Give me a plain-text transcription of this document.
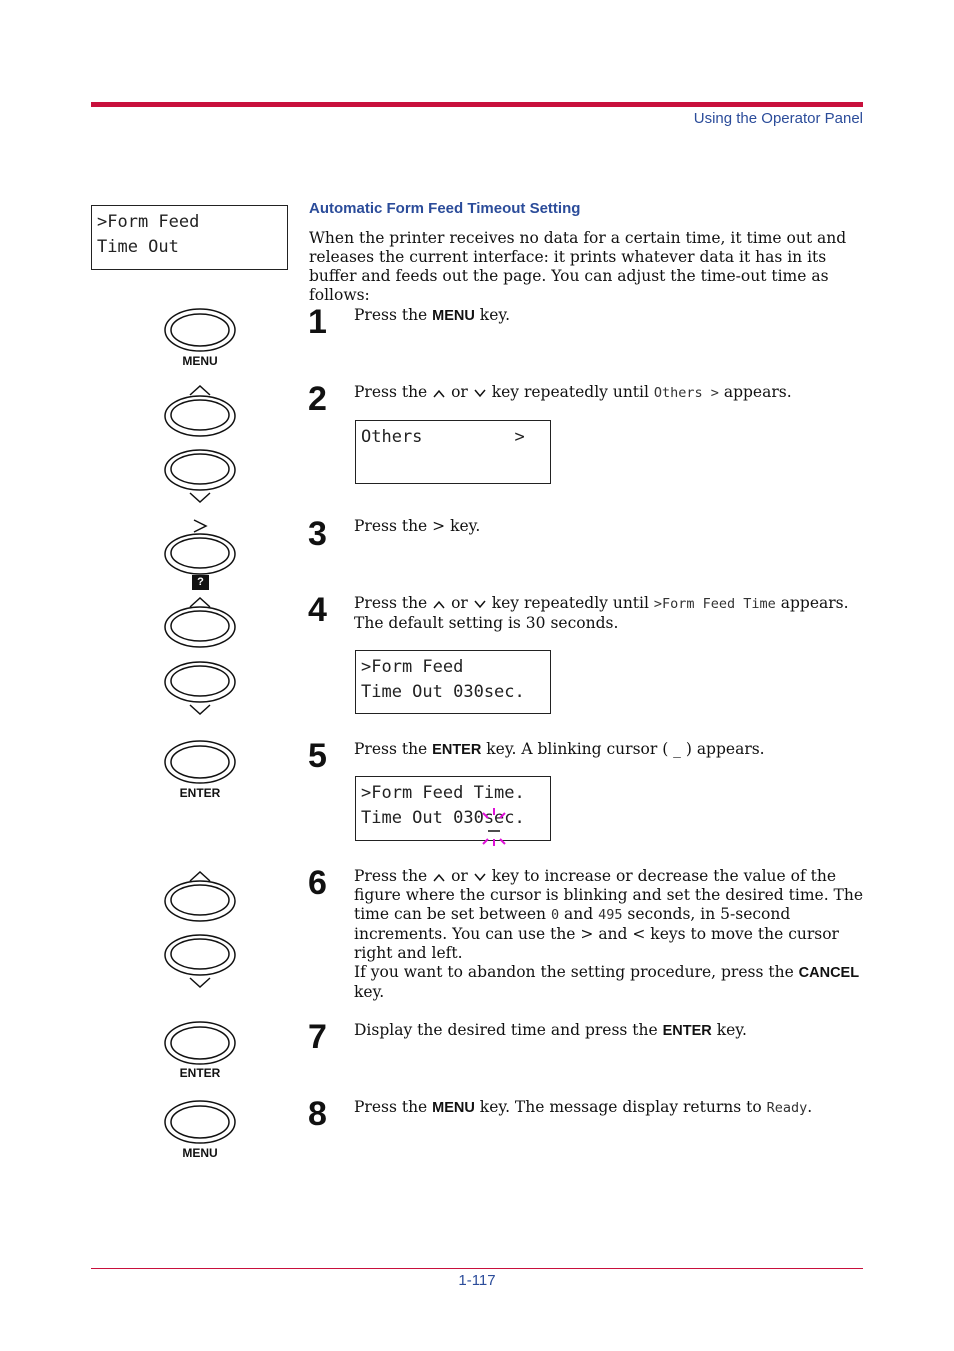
Using the Operator Panel
>Form Feed
Time Out
Automatic Form Feed Timeout Setting
When the printer receives no data for a certain time, it time out and releases the current interface: it prints whatever data it has in its buffer and feeds out the page. You can adjust the time-out time as follows:
MENU
?
ENTER
ENTER
MENU
1 Press the MENU key.
2 Press the  or  key repeatedly until Others > appears.
Others         >

3 Press the > key.
4 Press the  or  key repeatedly until >Form Feed Time appears. The default setting is 30 seconds.
>Form Feed
Time Out 030sec.
5 Press the ENTER key. A blinking cursor ( _ ) appears.
>Form Feed Time.
Time Out 030sec.
6 Press the  or  key to increase or decrease the value of the figure where the cursor is blinking and set the desired time. The time can be set between 0 and 495 seconds, in 5-second increments. You can use the > and < keys to move the cursor right and left.
If you want to abandon the setting procedure, press the CANCEL key.
7 Display the desired time and press the ENTER key.
8 Press the MENU key. The message display returns to Ready.
1-117
